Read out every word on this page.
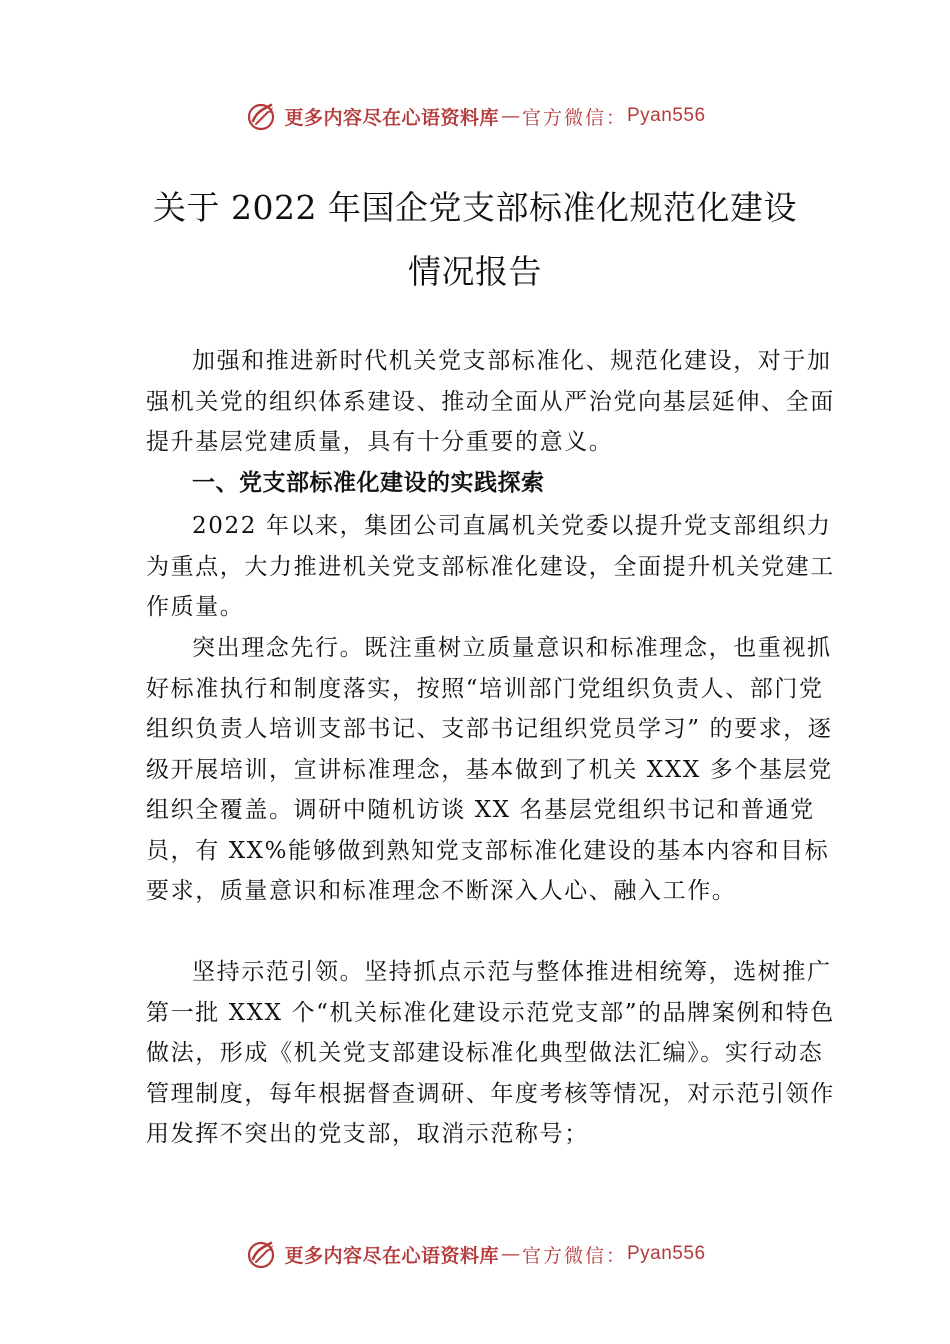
更多内容尽在心语资料库 — 官方微信： Pyan556
关于 2022 年国企党支部标准化规范化建设
情况报告

加强和推进新时代机关党支部标准化、规范化建设，对于加强机关党的组织体系建设、推动全面从严治党向基层延伸、全面提升基层党建质量，具有十分重要的意义。

一、党支部标准化建设的实践探索

2022 年以来，集团公司直属机关党委以提升党支部组织力为重点，大力推进机关党支部标准化建设，全面提升机关党建工作质量。

突出理念先行。既注重树立质量意识和标准理念，也重视抓好标准执行和制度落实，按照“培训部门党组织负责人、部门党组织负责人培训支部书记、支部书记组织党员学习” 的要求，逐级开展培训，宣讲标准理念，基本做到了机关 XXX 多个基层党组织全覆盖。调研中随机访谈 XX 名基层党组织书记和普通党员，有 XX%能够做到熟知党支部标准化建设的基本内容和目标要求，质量意识和标准理念不断深入人心、融入工作。

坚持示范引领。坚持抓点示范与整体推进相统筹，选树推广第一批 XXX 个“机关标准化建设示范党支部”的品牌案例和特色做法，形成《机关党支部建设标准化典型做法汇编》。实行动态管理制度，每年根据督查调研、年度考核等情况，对示范引领作用发挥不突出的党支部，取消示范称号；

更多内容尽在心语资料库 — 官方微信： Pyan556
